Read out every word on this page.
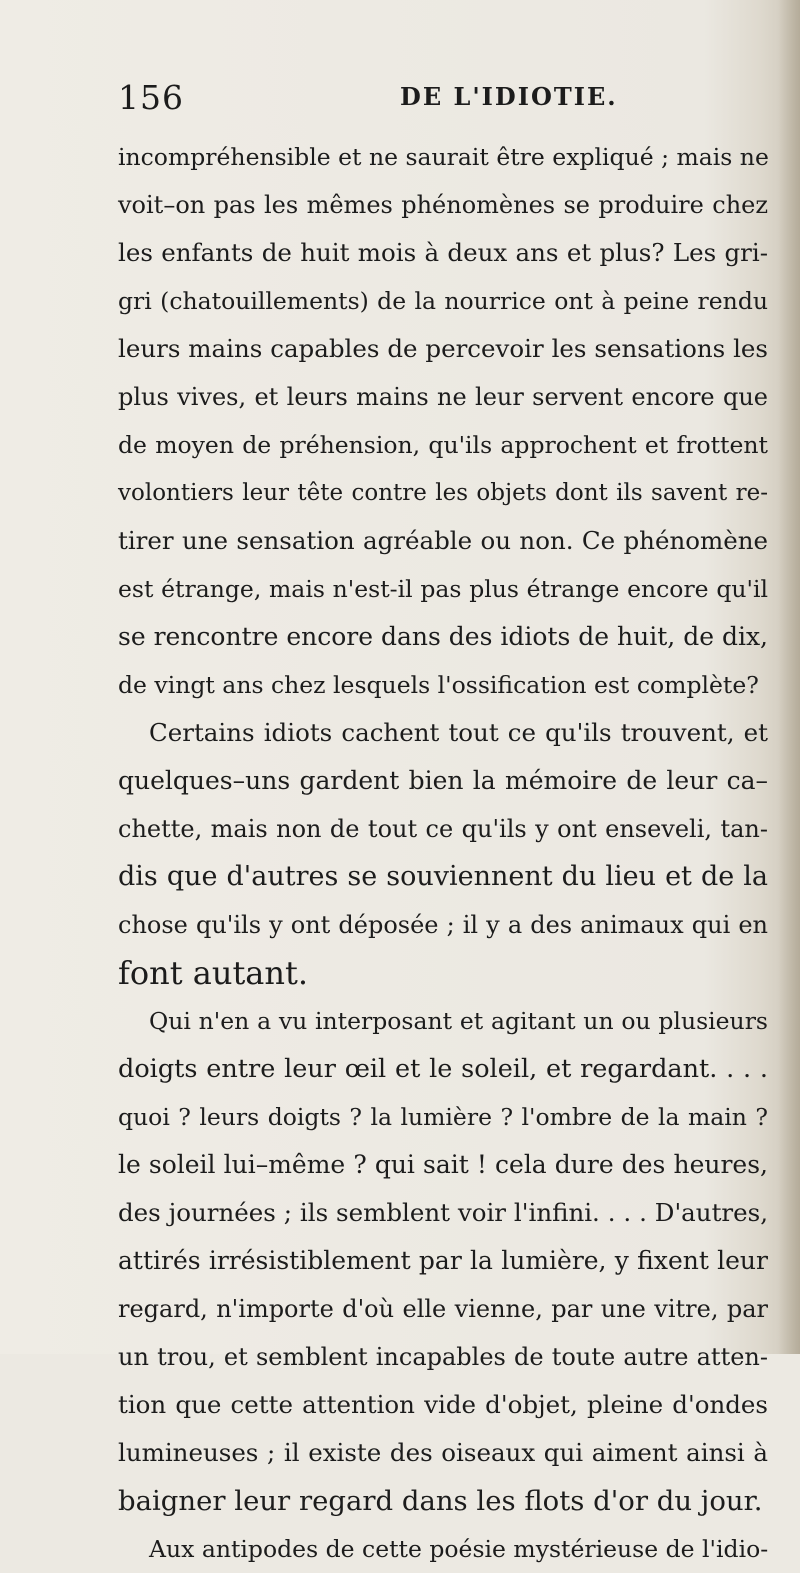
156	DE L'IDIOTIE.
incompréhensible et ne saurait être expliqué ; mais ne
voit–on pas les mêmes phénomènes se produire chez
les enfants de huit mois à deux ans et plus? Les gri-
gri (chatouillements) de la nourrice ont à peine rendu
leurs mains capables de percevoir les sensations les
plus vives, et leurs mains ne leur servent encore que
de moyen de préhension, qu'ils approchent et frottent
volontiers leur tête contre les objets dont ils savent re-
tirer une sensation agréable ou non. Ce phénomène
est étrange, mais n'est-il pas plus étrange encore qu'il
se rencontre encore dans des idiots de huit, de dix,
de vingt ans chez lesquels l'ossification est complète?
Certains idiots cachent tout ce qu'ils trouvent, et
quelques–uns gardent bien la mémoire de leur ca–
chette, mais non de tout ce qu'ils y ont enseveli, tan-
dis que d'autres se souviennent du lieu et de la
chose qu'ils y ont déposée ; il y a des animaux qui en
font autant.
Qui n'en a vu interposant et agitant un ou plusieurs
doigts entre leur œil et le soleil, et regardant. . . .
quoi ? leurs doigts ? la lumière ? l'ombre de la main ?
le soleil lui–même ? qui sait ! cela dure des heures,
des journées ; ils semblent voir l'infini. . . . D'autres,
attirés irrésistiblement par la lumière, y fixent leur
regard, n'importe d'où elle vienne, par une vitre, par
un trou, et semblent incapables de toute autre atten-
tion que cette attention vide d'objet, pleine d'ondes
lumineuses ; il existe des oiseaux qui aiment ainsi à
baigner leur regard dans les flots d'or du jour.
Aux antipodes de cette poésie mystérieuse de l'idio-
